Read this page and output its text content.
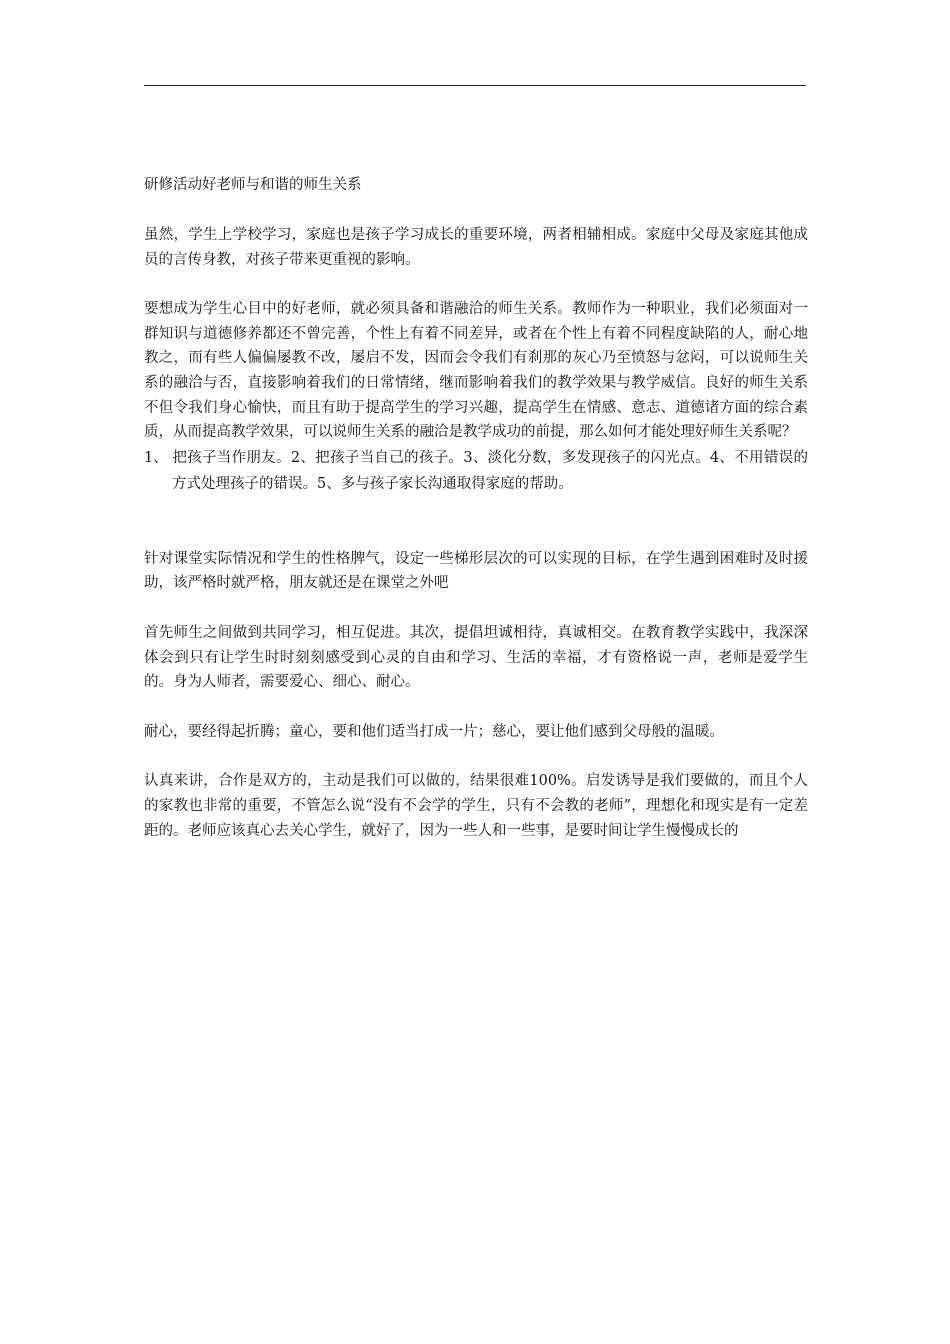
研修活动好老师与和谐的师生关系

虽然，学生上学校学习，家庭也是孩子学习成长的重要环境，两者相辅相成。家庭中父母及家庭其他成员的言传身教，对孩子带来更重视的影响。

要想成为学生心目中的好老师，就必须具备和谐融洽的师生关系。教师作为一种职业，我们必须面对一群知识与道德修养都还不曾完善，个性上有着不同差异，或者在个性上有着不同程度缺陷的人，耐心地教之，而有些人偏偏屡教不改，屡启不发，因而会令我们有刹那的灰心乃至愤怒与忿闷，可以说师生关系的融洽与否，直接影响着我们的日常情绪，继而影响着我们的教学效果与教学威信。良好的师生关系不但令我们身心愉快，而且有助于提高学生的学习兴趣，提高学生在情感、意志、道德诸方面的综合素质，从而提高教学效果，可以说师生关系的融洽是教学成功的前提，那么如何才能处理好师生关系呢？

1、 把孩子当作朋友。2、把孩子当自己的孩子。3、淡化分数，多发现孩子的闪光点。4、不用错误的方式处理孩子的错误。5、多与孩子家长沟通取得家庭的帮助。

针对课堂实际情况和学生的性格脾气，设定一些梯形层次的可以实现的目标，在学生遇到困难时及时援助，该严格时就严格，朋友就还是在课堂之外吧

首先师生之间做到共同学习，相互促进。其次，提倡坦诚相待，真诚相交。在教育教学实践中，我深深体会到只有让学生时时刻刻感受到心灵的自由和学习、生活的幸福，才有资格说一声，老师是爱学生的。身为人师者，需要爱心、细心、耐心。

耐心，要经得起折腾；童心，要和他们适当打成一片；慈心，要让他们感到父母般的温暖。

认真来讲，合作是双方的，主动是我们可以做的，结果很难100%。启发诱导是我们要做的，而且个人的家教也非常的重要，不管怎么说“没有不会学的学生，只有不会教的老师”，理想化和现实是有一定差距的。老师应该真心去关心学生，就好了，因为一些人和一些事，是要时间让学生慢慢成长的
